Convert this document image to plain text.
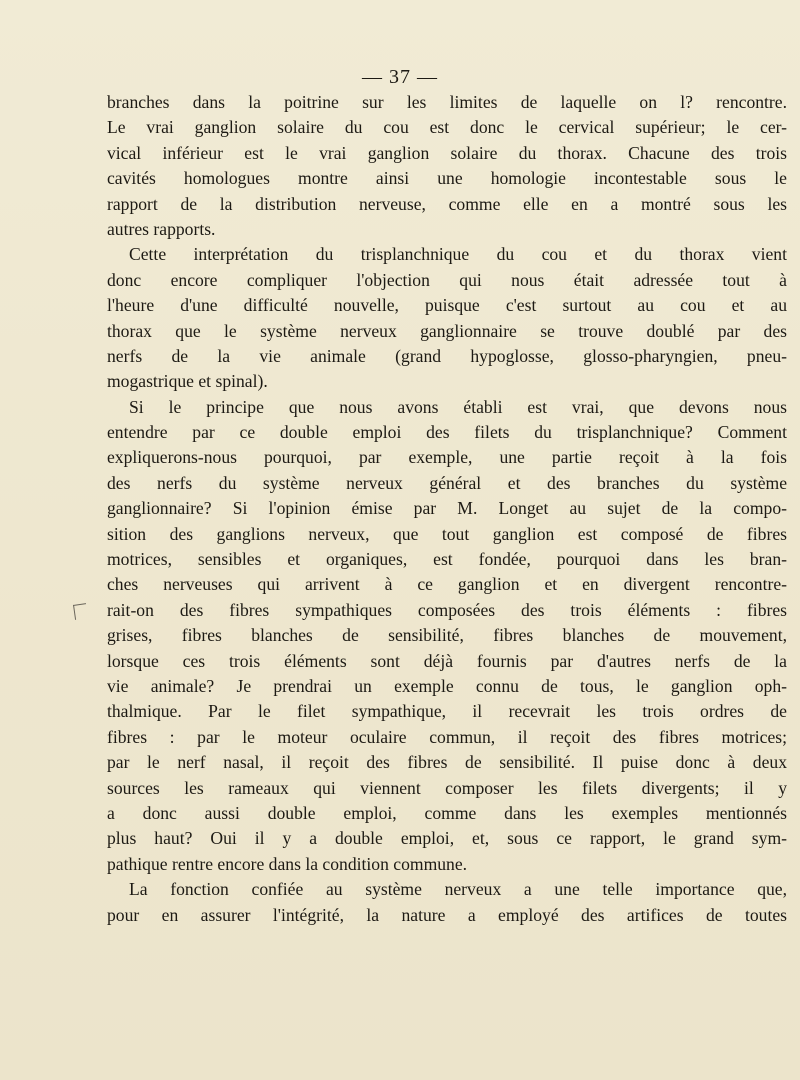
— 37 —
branches dans la poitrine sur les limites de laquelle on l? rencontre.
Le vrai ganglion solaire du cou est donc le cervical supérieur; le cer-
vical inférieur est le vrai ganglion solaire du thorax. Chacune des trois
cavités homologues montre ainsi une homologie incontestable sous le
rapport de la distribution nerveuse, comme elle en a montré sous les
autres rapports.
Cette interprétation du trisplanchnique du cou et du thorax vient
donc encore compliquer l'objection qui nous était adressée tout à
l'heure d'une difficulté nouvelle, puisque c'est surtout au cou et au
thorax que le système nerveux ganglionnaire se trouve doublé par des
nerfs de la vie animale (grand hypoglosse, glosso-pharyngien, pneu-
mogastrique et spinal).
Si le principe que nous avons établi est vrai, que devons nous
entendre par ce double emploi des filets du trisplanchnique? Comment
expliquerons-nous pourquoi, par exemple, une partie reçoit à la fois
des nerfs du système nerveux général et des branches du système
ganglionnaire? Si l'opinion émise par M. Longet au sujet de la compo-
sition des ganglions nerveux, que tout ganglion est composé de fibres
motrices, sensibles et organiques, est fondée, pourquoi dans les bran-
ches nerveuses qui arrivent à ce ganglion et en divergent rencontre-
rait-on des fibres sympathiques composées des trois éléments : fibres
grises, fibres blanches de sensibilité, fibres blanches de mouvement,
lorsque ces trois éléments sont déjà fournis par d'autres nerfs de la
vie animale? Je prendrai un exemple connu de tous, le ganglion oph-
thalmique. Par le filet sympathique, il recevrait les trois ordres de
fibres : par le moteur oculaire commun, il reçoit des fibres motrices;
par le nerf nasal, il reçoit des fibres de sensibilité. Il puise donc à deux
sources les rameaux qui viennent composer les filets divergents; il y
a donc aussi double emploi, comme dans les exemples mentionnés
plus haut? Oui il y a double emploi, et, sous ce rapport, le grand sym-
pathique rentre encore dans la condition commune.
La fonction confiée au système nerveux a une telle importance que,
pour en assurer l'intégrité, la nature a employé des artifices de toutes
